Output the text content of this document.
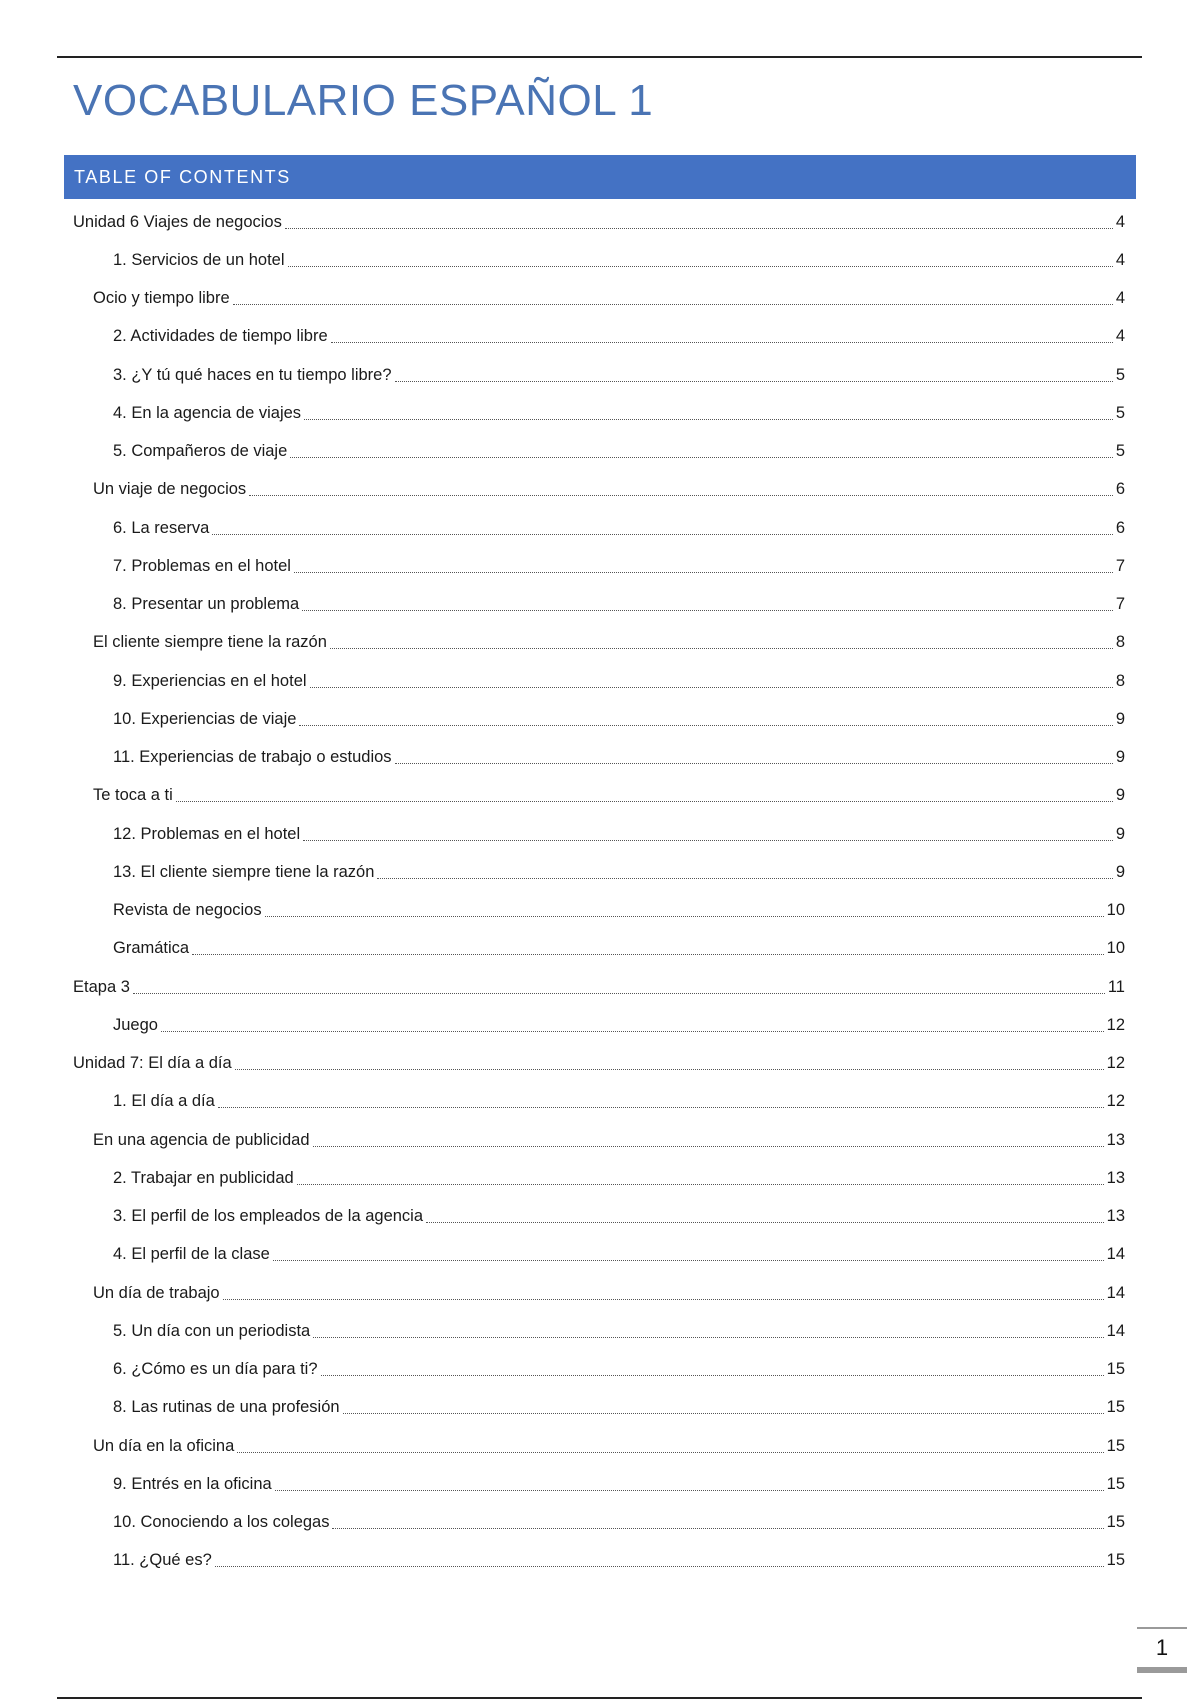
VOCABULARIO ESPAÑOL 1
TABLE OF CONTENTS
Unidad 6 Viajes de negocios	4
1. Servicios de un hotel	4
Ocio y tiempo libre	4
2. Actividades de tiempo libre	4
3. ¿Y tú qué haces en tu tiempo libre?	5
4. En la agencia de viajes	5
5. Compañeros de viaje	5
Un viaje de negocios	6
6. La reserva	6
7. Problemas en el hotel	7
8. Presentar un problema	7
El cliente siempre tiene la razón	8
9. Experiencias en el hotel	8
10. Experiencias de viaje	9
11. Experiencias de trabajo o estudios	9
Te toca a ti	9
12. Problemas en el hotel	9
13. El cliente siempre tiene la razón	9
Revista de negocios	10
Gramática	10
Etapa 3	11
Juego	12
Unidad 7: El día a día	12
1. El día a día	12
En una agencia de publicidad	13
2. Trabajar en publicidad	13
3. El perfil de los empleados de la agencia	13
4. El perfil de la clase	14
Un día de trabajo	14
5. Un día con un periodista	14
6. ¿Cómo es un día para ti?	15
8. Las rutinas de una profesión	15
Un día en la oficina	15
9. Entrés en la oficina	15
10. Conociendo a los colegas	15
11. ¿Qué es?	15
1
